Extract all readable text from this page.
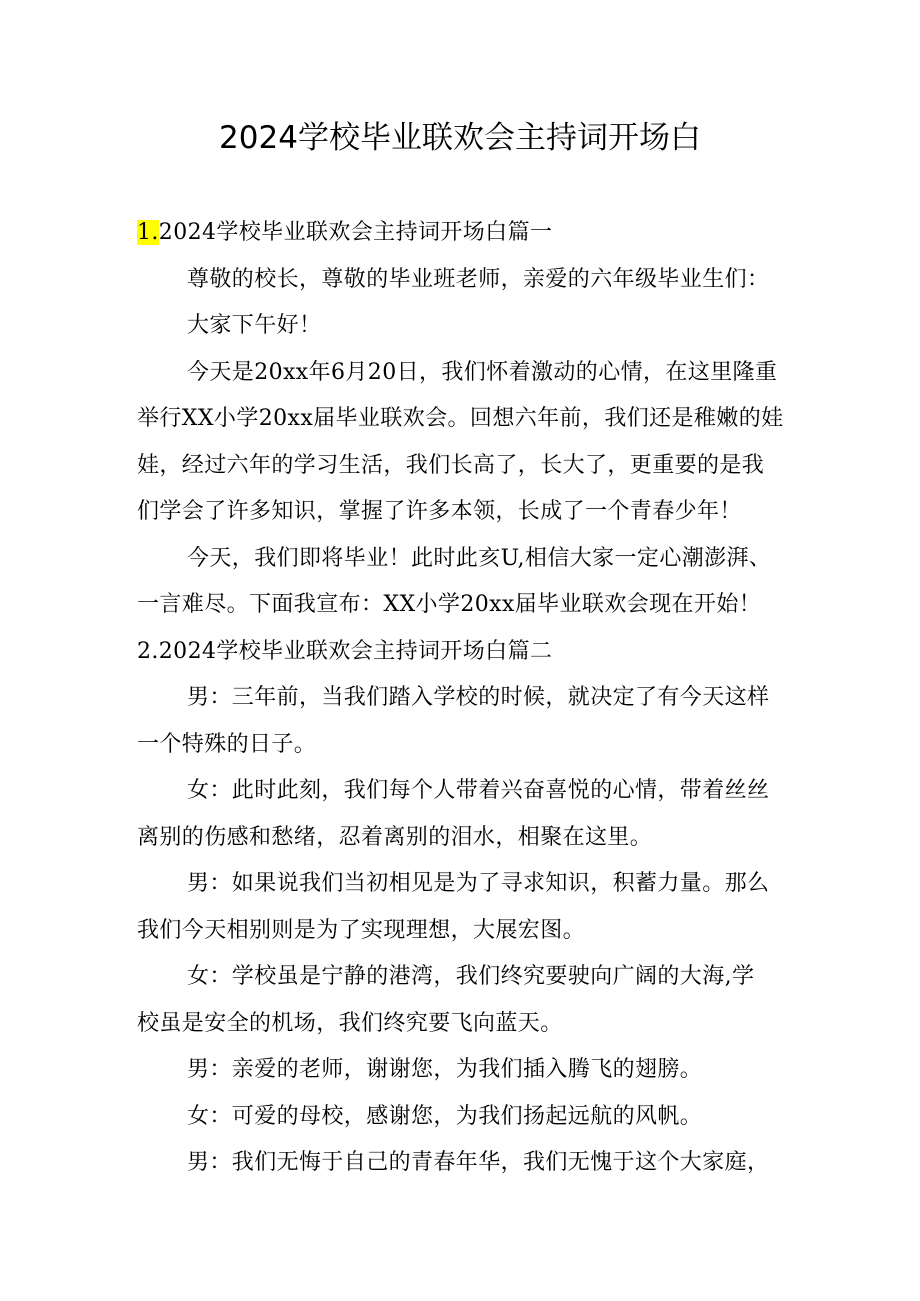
2024学校毕业联欢会主持词开场白
1.2024学校毕业联欢会主持词开场白篇一
尊敬的校长，尊敬的毕业班老师，亲爱的六年级毕业生们：
大家下午好！
今天是20xx年6月20日，我们怀着激动的心情，在这里隆重
举行XX小学20xx届毕业联欢会。回想六年前，我们还是稚嫩的娃
娃，经过六年的学习生活，我们长高了，长大了，更重要的是我
们学会了许多知识，掌握了许多本领，长成了一个青春少年！
今天，我们即将毕业！此时此亥U,相信大家一定心潮澎湃、
一言难尽。下面我宣布：XX小学20xx届毕业联欢会现在开始！
2.2024学校毕业联欢会主持词开场白篇二
男：三年前，当我们踏入学校的时候，就决定了有今天这样
一个特殊的日子。
女：此时此刻，我们每个人带着兴奋喜悦的心情，带着丝丝
离别的伤感和愁绪，忍着离别的泪水，相聚在这里。
男：如果说我们当初相见是为了寻求知识，积蓄力量。那么
我们今天相别则是为了实现理想，大展宏图。
女：学校虽是宁静的港湾，我们终究要驶向广阔的大海,学
校虽是安全的机场，我们终究要飞向蓝天。
男：亲爱的老师，谢谢您，为我们插入腾飞的翅膀。
女：可爱的母校，感谢您，为我们扬起远航的风帆。
男：我们无悔于自己的青春年华，我们无愧于这个大家庭，
